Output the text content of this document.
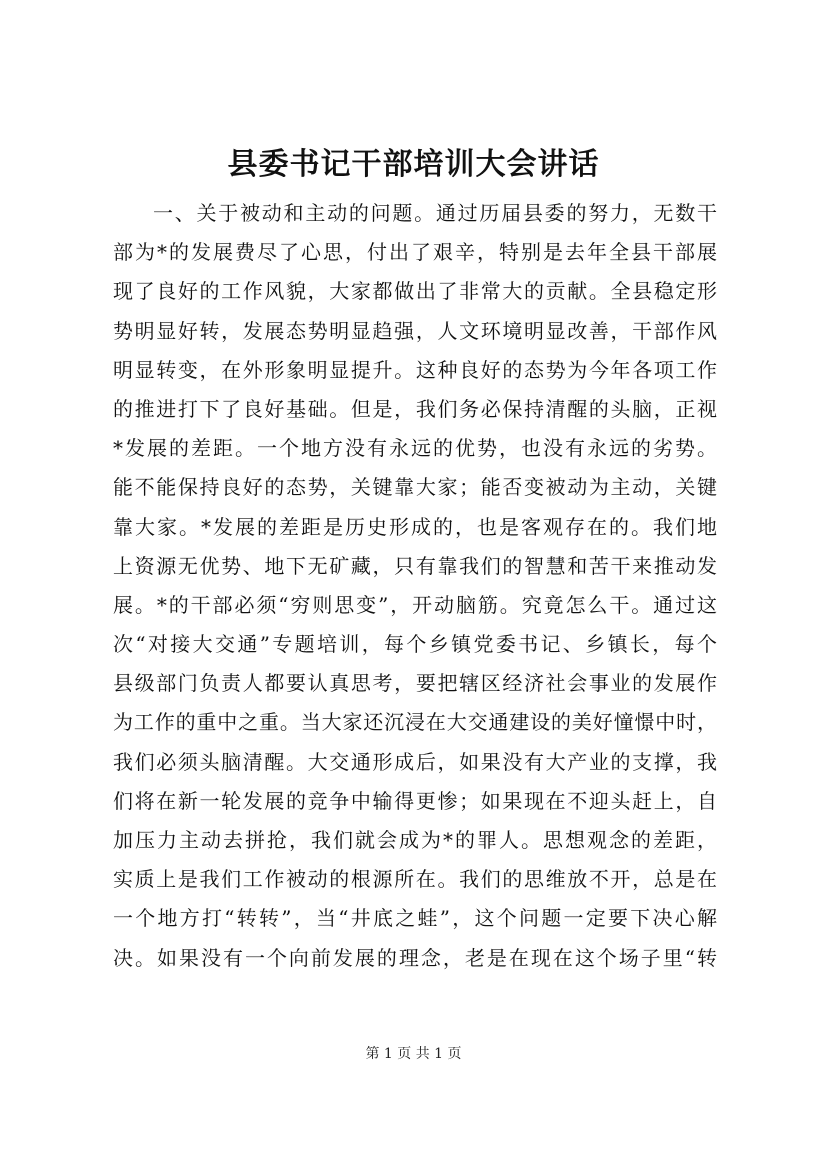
县委书记干部培训大会讲话
一、关于被动和主动的问题。通过历届县委的努力，无数干
部为*的发展费尽了心思，付出了艰辛，特别是去年全县干部展
现了良好的工作风貌，大家都做出了非常大的贡献。全县稳定形
势明显好转，发展态势明显趋强，人文环境明显改善，干部作风
明显转变，在外形象明显提升。这种良好的态势为今年各项工作
的推进打下了良好基础。但是，我们务必保持清醒的头脑，正视
*发展的差距。一个地方没有永远的优势，也没有永远的劣势。
能不能保持良好的态势，关键靠大家；能否变被动为主动，关键
靠大家。*发展的差距是历史形成的，也是客观存在的。我们地
上资源无优势、地下无矿藏，只有靠我们的智慧和苦干来推动发
展。*的干部必须“穷则思变”，开动脑筋。究竟怎么干。通过这
次“对接大交通”专题培训，每个乡镇党委书记、乡镇长，每个
县级部门负责人都要认真思考，要把辖区经济社会事业的发展作
为工作的重中之重。当大家还沉浸在大交通建设的美好憧憬中时，
我们必须头脑清醒。大交通形成后，如果没有大产业的支撑，我
们将在新一轮发展的竞争中输得更惨；如果现在不迎头赶上，自
加压力主动去拼抢，我们就会成为*的罪人。思想观念的差距，
实质上是我们工作被动的根源所在。我们的思维放不开，总是在
一个地方打“转转”，当“井底之蛙”，这个问题一定要下决心解
决。如果没有一个向前发展的理念，老是在现在这个场子里“转
第 1 页 共 1 页
